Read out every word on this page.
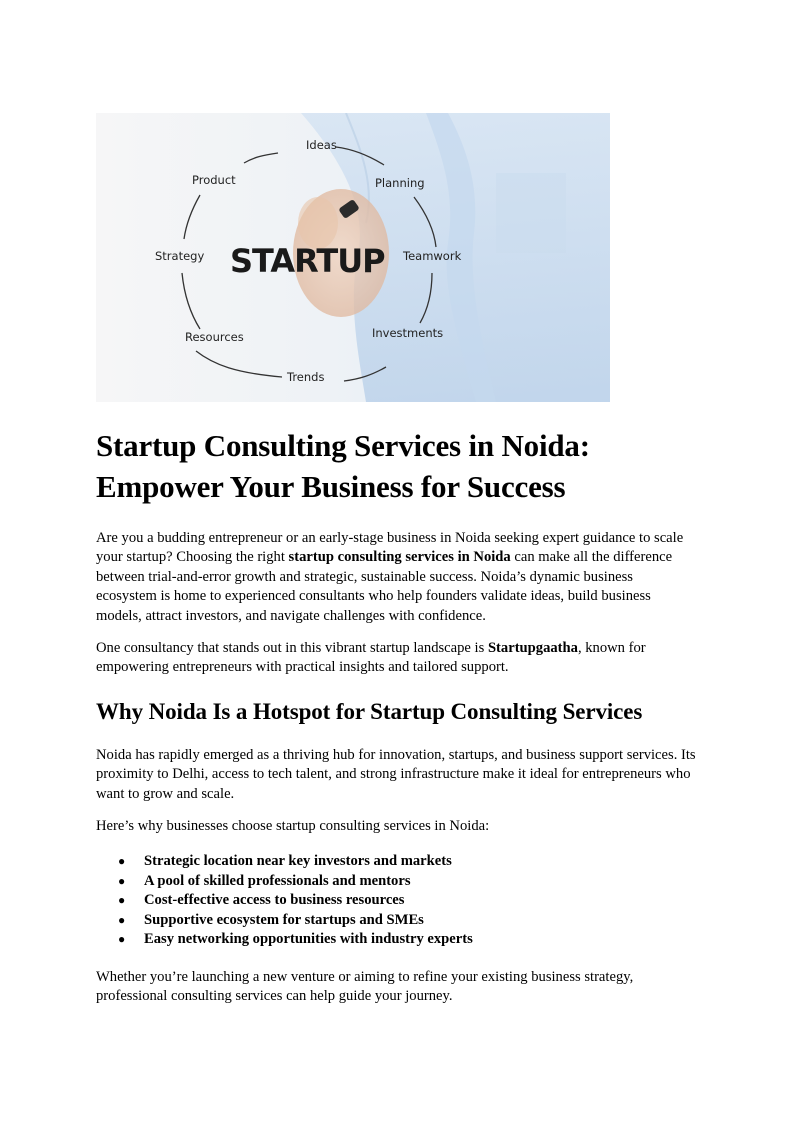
Ideas
Planning
Teamwork
Investments
Trends
Resources
Strategy
Product
STARTUP
Startup Consulting Services in Noida: Empower Your Business for Success

Are you a budding entrepreneur or an early-stage business in Noida seeking expert guidance to scale your startup? Choosing the right startup consulting services in Noida can make all the difference between trial-and-error growth and strategic, sustainable success. Noida’s dynamic business ecosystem is home to experienced consultants who help founders validate ideas, build business models, attract investors, and navigate challenges with confidence.

One consultancy that stands out in this vibrant startup landscape is Startupgaatha, known for empowering entrepreneurs with practical insights and tailored support.

Why Noida Is a Hotspot for Startup Consulting Services

Noida has rapidly emerged as a thriving hub for innovation, startups, and business support services. Its proximity to Delhi, access to tech talent, and strong infrastructure make it ideal for entrepreneurs who want to grow and scale.

Here’s why businesses choose startup consulting services in Noida:

● Strategic location near key investors and markets
● A pool of skilled professionals and mentors
● Cost-effective access to business resources
● Supportive ecosystem for startups and SMEs
● Easy networking opportunities with industry experts

Whether you’re launching a new venture or aiming to refine your existing business strategy, professional consulting services can help guide your journey.
